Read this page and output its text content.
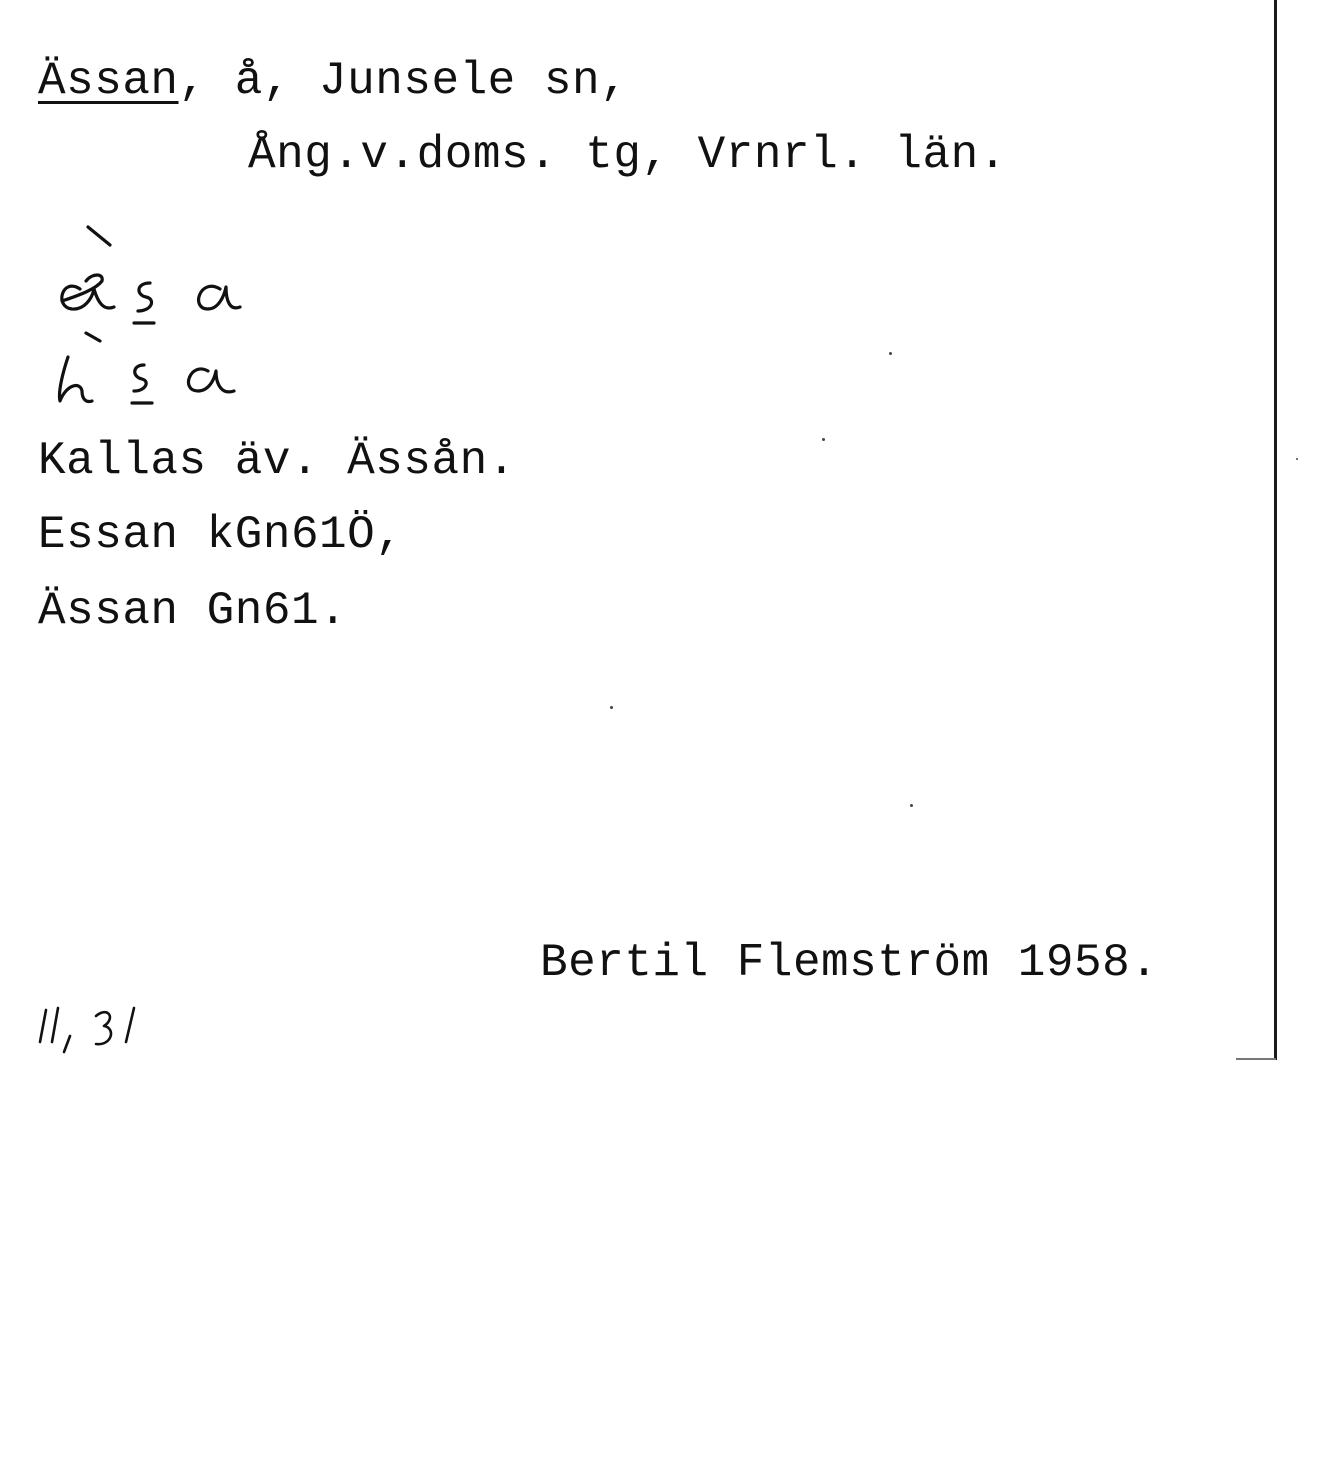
Ässan, å, Junsele sn,
Ång.v.doms. tg, Vrnrl. län.
Kallas äv. Ässån.
Essan kGn61Ö,
Ässan Gn61.
Bertil Flemström 1958.
